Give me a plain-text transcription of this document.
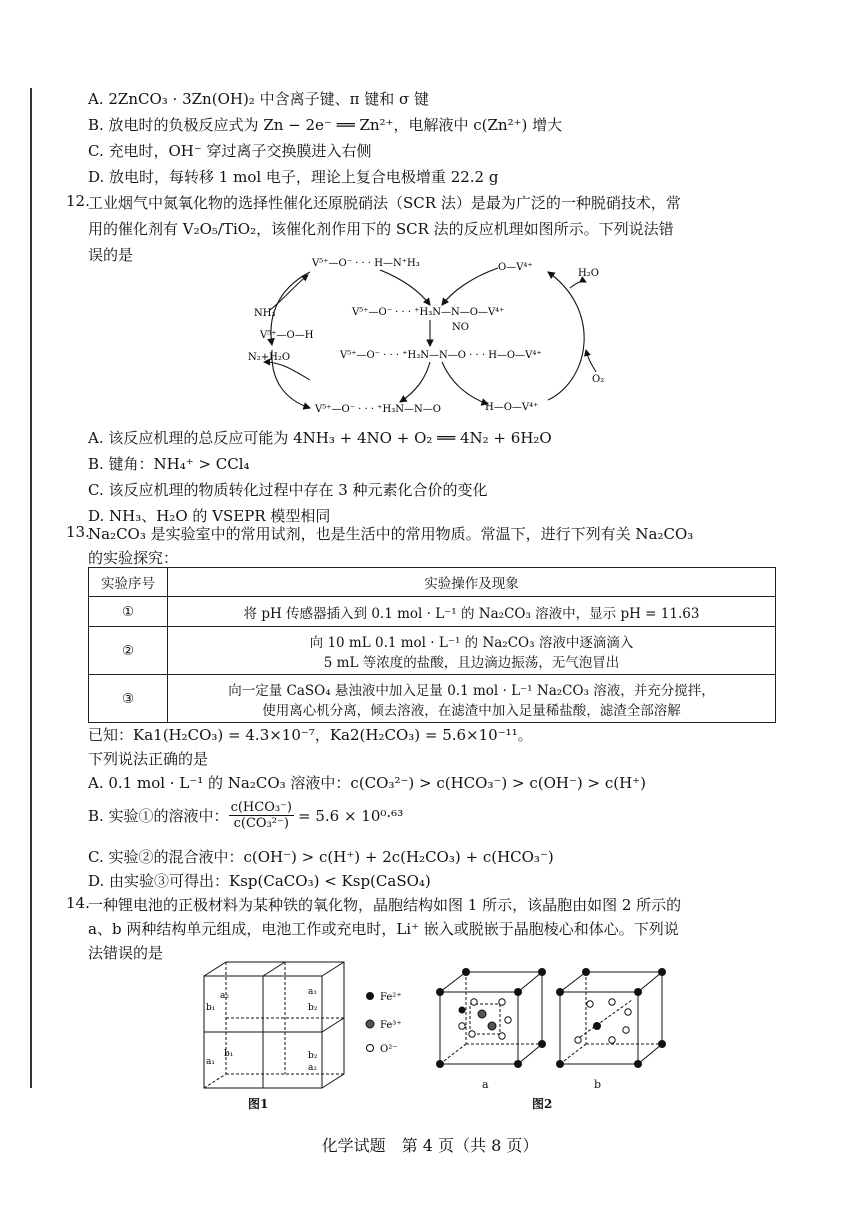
A. 2ZnCO₃ · 3Zn(OH)₂ 中含离子键、π 键和 σ 键
B. 放电时的负极反应式为 Zn − 2e⁻ ══ Zn²⁺，电解液中 c(Zn²⁺) 增大
C. 充电时，OH⁻ 穿过离子交换膜进入右侧
D. 放电时，每转移 1 mol 电子，理论上复合电极增重 22.2 g
12.
工业烟气中氮氧化物的选择性催化还原脱硝法（SCR 法）是最为广泛的一种脱硝技术，常
用的催化剂有 V₂O₅/TiO₂，该催化剂作用下的 SCR 法的反应机理如图所示。下列说法错
误的是	V⁵⁺—O⁻ · · · H—N⁺H₃
V⁵⁺—O⁻ · · · ⁺H₃N—N—O—V⁴⁺
NO
V⁵⁺—O⁻ · · · ⁺H₃N—N—O · · · H—O—V⁴⁺
V⁵⁺—O⁻ · · · ⁺H₃N—N—O
O—V⁴⁺
H—O—V⁴⁺
NH₃
V⁵⁺—O—H
N₂+H₂O
H₂O
O₂
A. 该反应机理的总反应可能为 4NH₃ + 4NO + O₂ ══ 4N₂ + 6H₂O
B. 键角：NH₄⁺ > CCl₄
C. 该反应机理的物质转化过程中存在 3 种元素化合价的变化
D. NH₃、H₂O 的 VSEPR 模型相同
13.
Na₂CO₃ 是实验室中的常用试剂，也是生活中的常用物质。常温下，进行下列有关 Na₂CO₃
的实验探究：
实验序号	实验操作及现象
①	将 pH 传感器插入到 0.1 mol · L⁻¹ 的 Na₂CO₃ 溶液中，显示 pH = 11.63

②	向 10 mL 0.1 mol · L⁻¹ 的 Na₂CO₃ 溶液中逐滴滴入
5 mL 等浓度的盐酸，且边滴边振荡，无气泡冒出

③	向一定量 CaSO₄ 悬浊液中加入足量 0.1 mol · L⁻¹ Na₂CO₃ 溶液，并充分搅拌，
使用离心机分离，倾去溶液，在滤渣中加入足量稀盐酸，滤渣全部溶解
已知：Ka1(H₂CO₃) = 4.3×10⁻⁷，Ka2(H₂CO₃) = 5.6×10⁻¹¹。
下列说法正确的是
A. 0.1 mol · L⁻¹ 的 Na₂CO₃ 溶液中：c(CO₃²⁻) > c(HCO₃⁻) > c(OH⁻) > c(H⁺)
B. 实验①的溶液中： $\frac{\text{c(HCO₃⁻)}}{\text{c(CO₃²⁻)}} = 5.6 \times 10^0\cdot^{63}$
C. 实验②的混合液中：c(OH⁻) > c(H⁺) + 2c(H₂CO₃) + c(HCO₃⁻)
D. 由实验③可得出：Ksp(CaCO₃) < Ksp(CaSO₄)
14.
一种锂电池的正极材料为某种铁的氧化物，晶胞结构如图 1 所示，该晶胞由如图 2 所示的
a、b 两种结构单元组成，电池工作或充电时，Li⁺ 嵌入或脱嵌于晶胞棱心和体心。下列说
法错误的是
b₁
a₂
a₁
b₁
b₂
a₁
b₂
a₂
图1
Fe²⁺
Fe³⁺
O²⁻
a	b
图2
化学试题　第 4 页（共 8 页）
